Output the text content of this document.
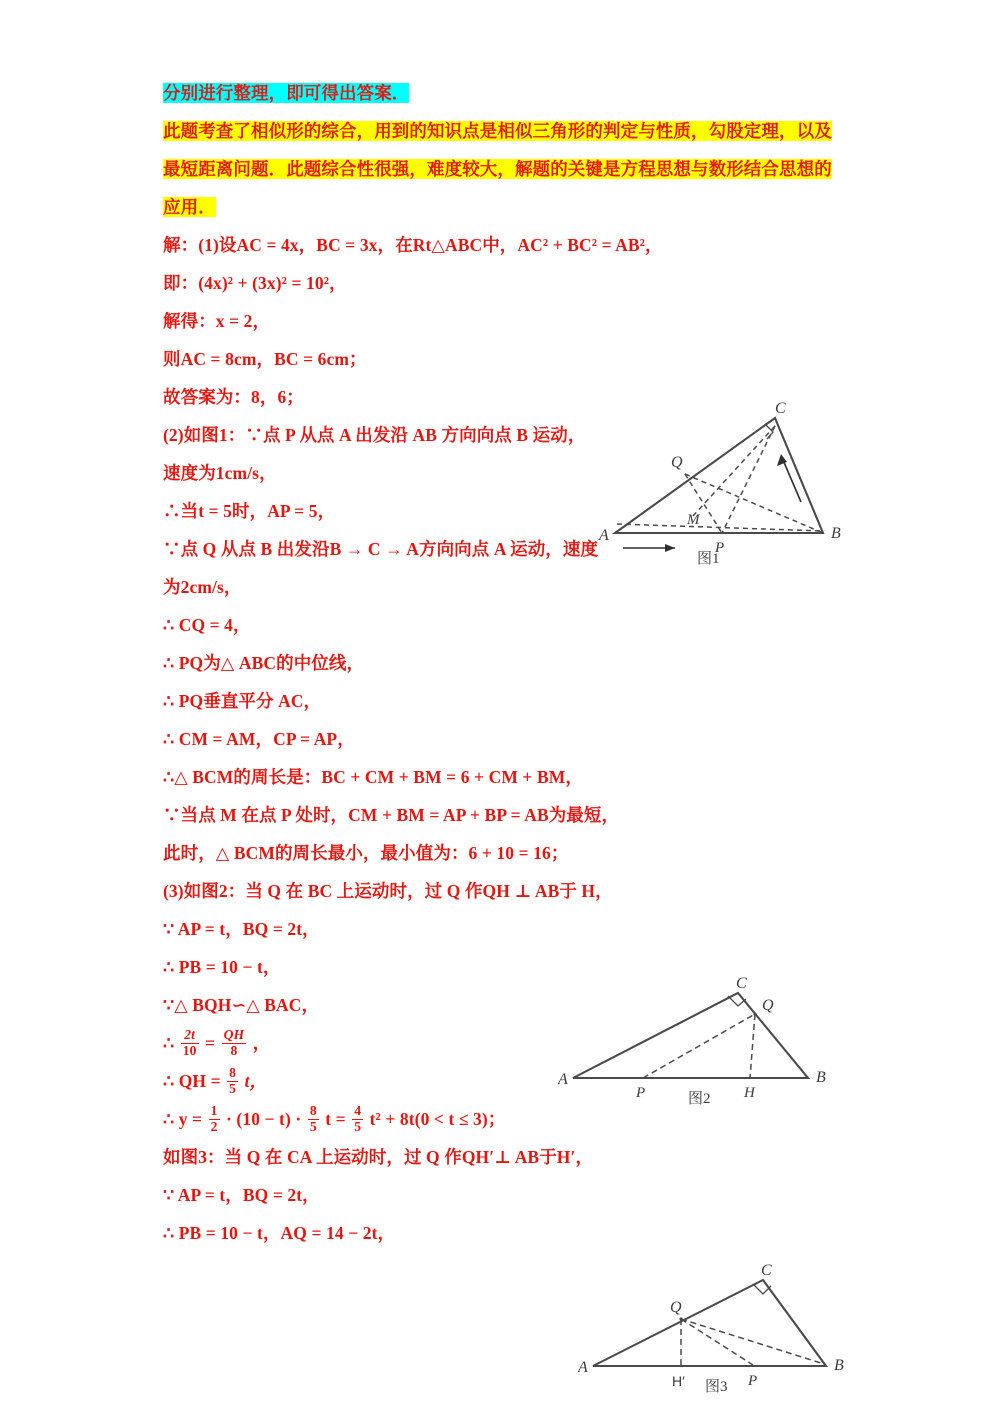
分别进行整理，即可得出答案．
此题考查了相似形的综合，用到的知识点是相似三角形的判定与性质，勾股定理，以及
最短距离问题．此题综合性很强，难度较大，解题的关键是方程思想与数形结合思想的
应用．
解：(1)设AC = 4x，BC = 3x，在Rt△ABC中，AC² + BC² = AB²，
即：(4x)² + (3x)² = 10²，
解得：x = 2，
则AC = 8cm，BC = 6cm；
故答案为：8，6；
(2)如图1：∵点 P 从点 A 出发沿 AB 方向向点 B 运动，
速度为1cm/s，
∴当t = 5时，AP = 5，
∵点 Q 从点 B 出发沿B → C → A方向向点 A 运动，速度
为2cm/s，
∴ CQ = 4，
∴ PQ为△ ABC的中位线，
∴ PQ垂直平分 AC，
∴ CM = AM，CP = AP，
∴△ BCM的周长是：BC + CM + BM = 6 + CM + BM，
∵当点 M 在点 P 处时，CM + BM = AP + BP = AB为最短，
此时，△ BCM的周长最小，最小值为：6 + 10 = 16；
(3)如图2：当 Q 在 BC 上运动时，过 Q 作QH ⊥ AB于 H，
∵ AP = t，BQ = 2t，
∴ PB = 10 − t，
∵△ BQH∽△ BAC，
∴ $\frac{2t}{10} = \frac{QH}{8}$ ，
∴ QH = $\frac{8}{5}$ t，
∴ $y = \frac{1}{2} \cdot (10 - t) \cdot \frac{8}{5}$ $t = \frac{4}{5} t^2 + 8t(0 < t \le 3)$；
如图3：当 Q 在 CA 上运动时，过 Q 作QH′⊥ AB于H′，
∵ AP = t，BQ = 2t，
∴ PB = 10 − t，AQ = 14 − 2t，
A	B
C
P
Q
M
图1
A	B
C
Q
P	H
图2
A	B
C
Q
H′	P
图3
